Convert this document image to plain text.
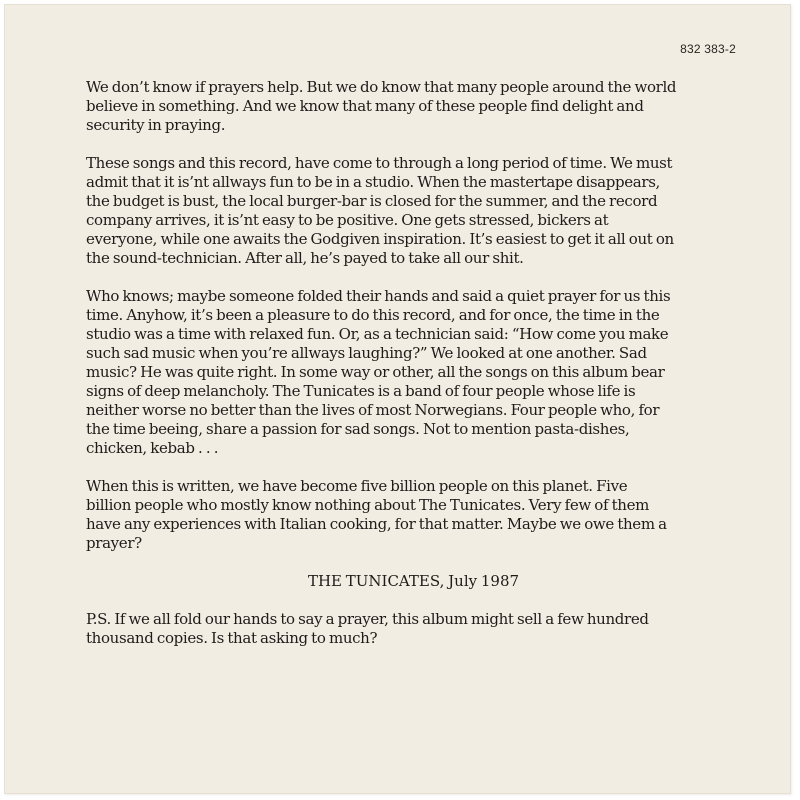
832 383-2

We don’t know if prayers help. But we do know that many people around the world
believe in something. And we know that many of these people find delight and
security in praying.

These songs and this record, have come to through a long period of time. We must
admit that it is’nt allways fun to be in a studio. When the mastertape disappears,
the budget is bust, the local burger-bar is closed for the summer, and the record
company arrives, it is’nt easy to be positive. One gets stressed, bickers at
everyone, while one awaits the Godgiven inspiration. It’s easiest to get it all out on
the sound-technician. After all, he’s payed to take all our shit.

Who knows; maybe someone folded their hands and said a quiet prayer for us this
time. Anyhow, it’s been a pleasure to do this record, and for once, the time in the
studio was a time with relaxed fun. Or, as a technician said: “How come you make
such sad music when you’re allways laughing?” We looked at one another. Sad
music? He was quite right. In some way or other, all the songs on this album bear
signs of deep melancholy. The Tunicates is a band of four people whose life is
neither worse no better than the lives of most Norwegians. Four people who, for
the time beeing, share a passion for sad songs. Not to mention pasta-dishes,
chicken, kebab . . .

When this is written, we have become five billion people on this planet. Five
billion people who mostly know nothing about The Tunicates. Very few of them
have any experiences with Italian cooking, for that matter. Maybe we owe them a
prayer?

THE TUNICATES, July 1987

P.S. If we all fold our hands to say a prayer, this album might sell a few hundred
thousand copies. Is that asking to much?
